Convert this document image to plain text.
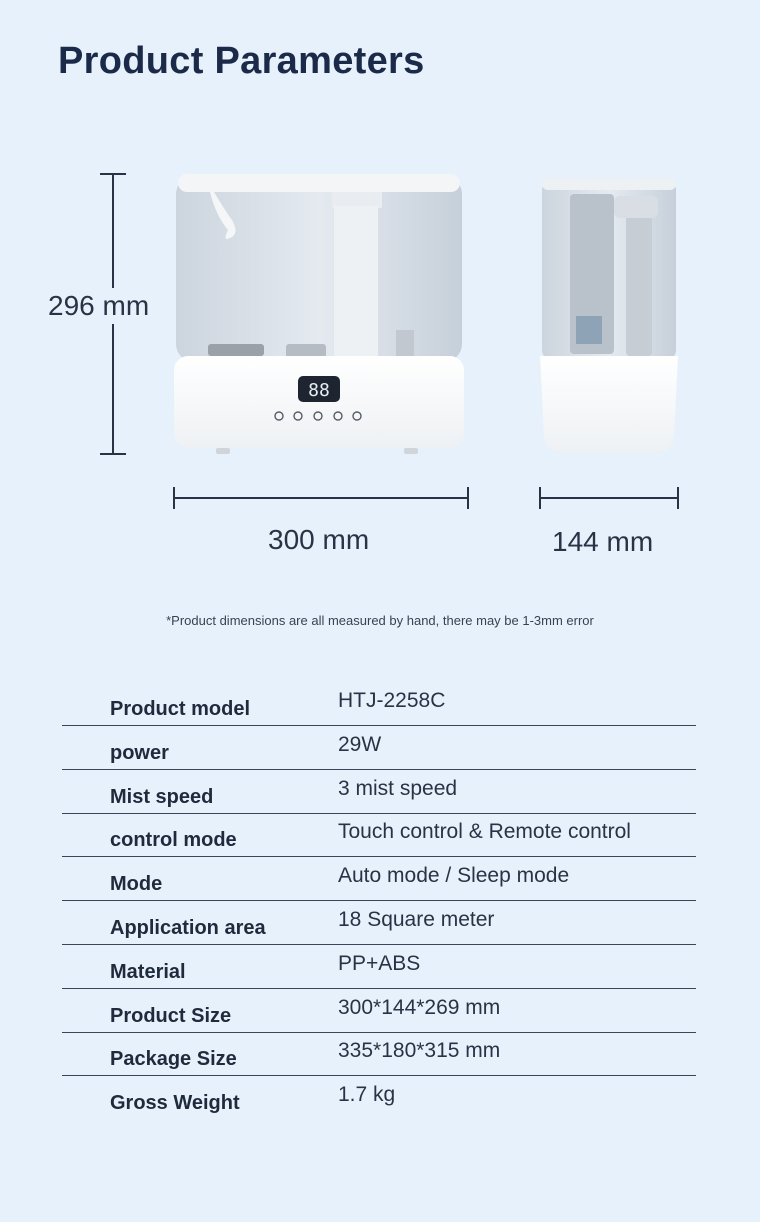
Product Parameters
296 mm
88
300 mm	144 mm
*Product dimensions are all measured by hand, there may be 1-3mm error
Product model	HTJ-2258C
power	29W
Mist speed	3 mist speed
control mode	Touch control & Remote control
Mode	Auto mode / Sleep mode
Application area	18 Square meter
Material	PP+ABS
Product Size	300*144*269 mm
Package Size	335*180*315 mm
Gross Weight	1.7 kg
